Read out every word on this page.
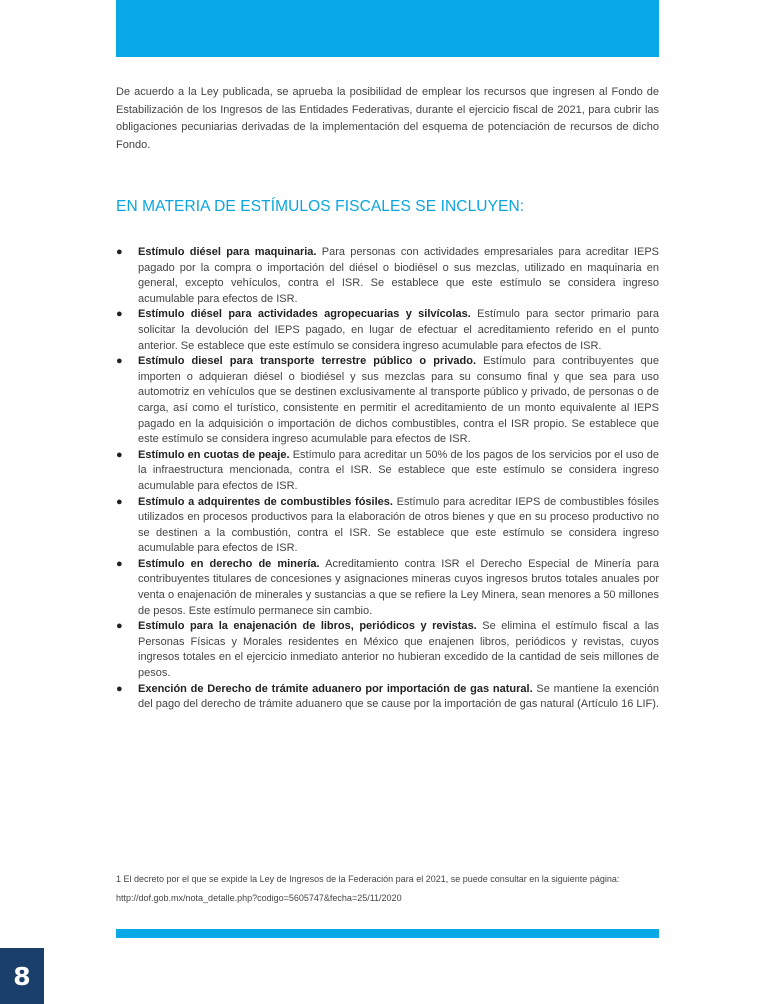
De acuerdo a la Ley publicada, se aprueba la posibilidad de emplear los recursos que ingresen al Fondo de Estabilización de los Ingresos de las Entidades Federativas, durante el ejercicio fiscal de 2021, para cubrir las obligaciones pecuniarias derivadas de la implementación del esquema de potenciación de recursos de dicho Fondo.

EN MATERIA DE ESTÍMULOS FISCALES SE INCLUYEN:
● Estímulo diésel para maquinaria. Para personas con actividades empresariales para acreditar IEPS pagado por la compra o importación del diésel o biodiésel o sus mezclas, utilizado en maquinaria en general, excepto vehículos, contra el ISR. Se establece que este estímulo se considera ingreso acumulable para efectos de ISR.
● Estímulo diésel para actividades agropecuarias y silvícolas. Estímulo para sector primario para solicitar la devolución del IEPS pagado, en lugar de efectuar el acreditamiento referido en el punto anterior. Se establece que este estímulo se considera ingreso acumulable para efectos de ISR.
● Estímulo diesel para transporte terrestre público o privado. Estímulo para contribuyentes que importen o adquieran diésel o biodiésel y sus mezclas para su consumo final y que sea para uso automotriz en vehículos que se destinen exclusivamente al transporte público y privado, de personas o de carga, así como el turístico, consistente en permitir el acreditamiento de un monto equivalente al IEPS pagado en la adquisición o importación de dichos combustibles, contra el ISR propio. Se establece que este estímulo se considera ingreso acumulable para efectos de ISR.
● Estímulo en cuotas de peaje. Estímulo para acreditar un 50% de los pagos de los servicios por el uso de la infraestructura mencionada, contra el ISR. Se establece que este estímulo se considera ingreso acumulable para efectos de ISR.
● Estímulo a adquirentes de combustibles fósiles. Estímulo para acreditar IEPS de combustibles fósiles utilizados en procesos productivos para la elaboración de otros bienes y que en su proceso productivo no se destinen a la combustión, contra el ISR. Se establece que este estímulo se considera ingreso acumulable para efectos de ISR.
● Estímulo en derecho de minería. Acreditamiento contra ISR el Derecho Especial de Minería para contribuyentes titulares de concesiones y asignaciones mineras cuyos ingresos brutos totales anuales por venta o enajenación de minerales y sustancias a que se refiere la Ley Minera, sean menores a 50 millones de pesos. Este estímulo permanece sin cambio.
● Estímulo para la enajenación de libros, periódicos y revistas. Se elimina el estímulo fiscal a las Personas Físicas y Morales residentes en México que enajenen libros, periódicos y revistas, cuyos ingresos totales en el ejercicio inmediato anterior no hubieran excedido de la cantidad de seis millones de pesos.
● Exención de Derecho de trámite aduanero por importación de gas natural. Se mantiene la exención del pago del derecho de trámite aduanero que se cause por la importación de gas natural (Artículo 16 LIF).

1 El decreto por el que se expide la Ley de Ingresos de la Federación para el 2021, se puede consultar en la siguiente página: http://dof.gob.mx/nota_detalle.php?codigo=5605747&fecha=25/11/2020

8
